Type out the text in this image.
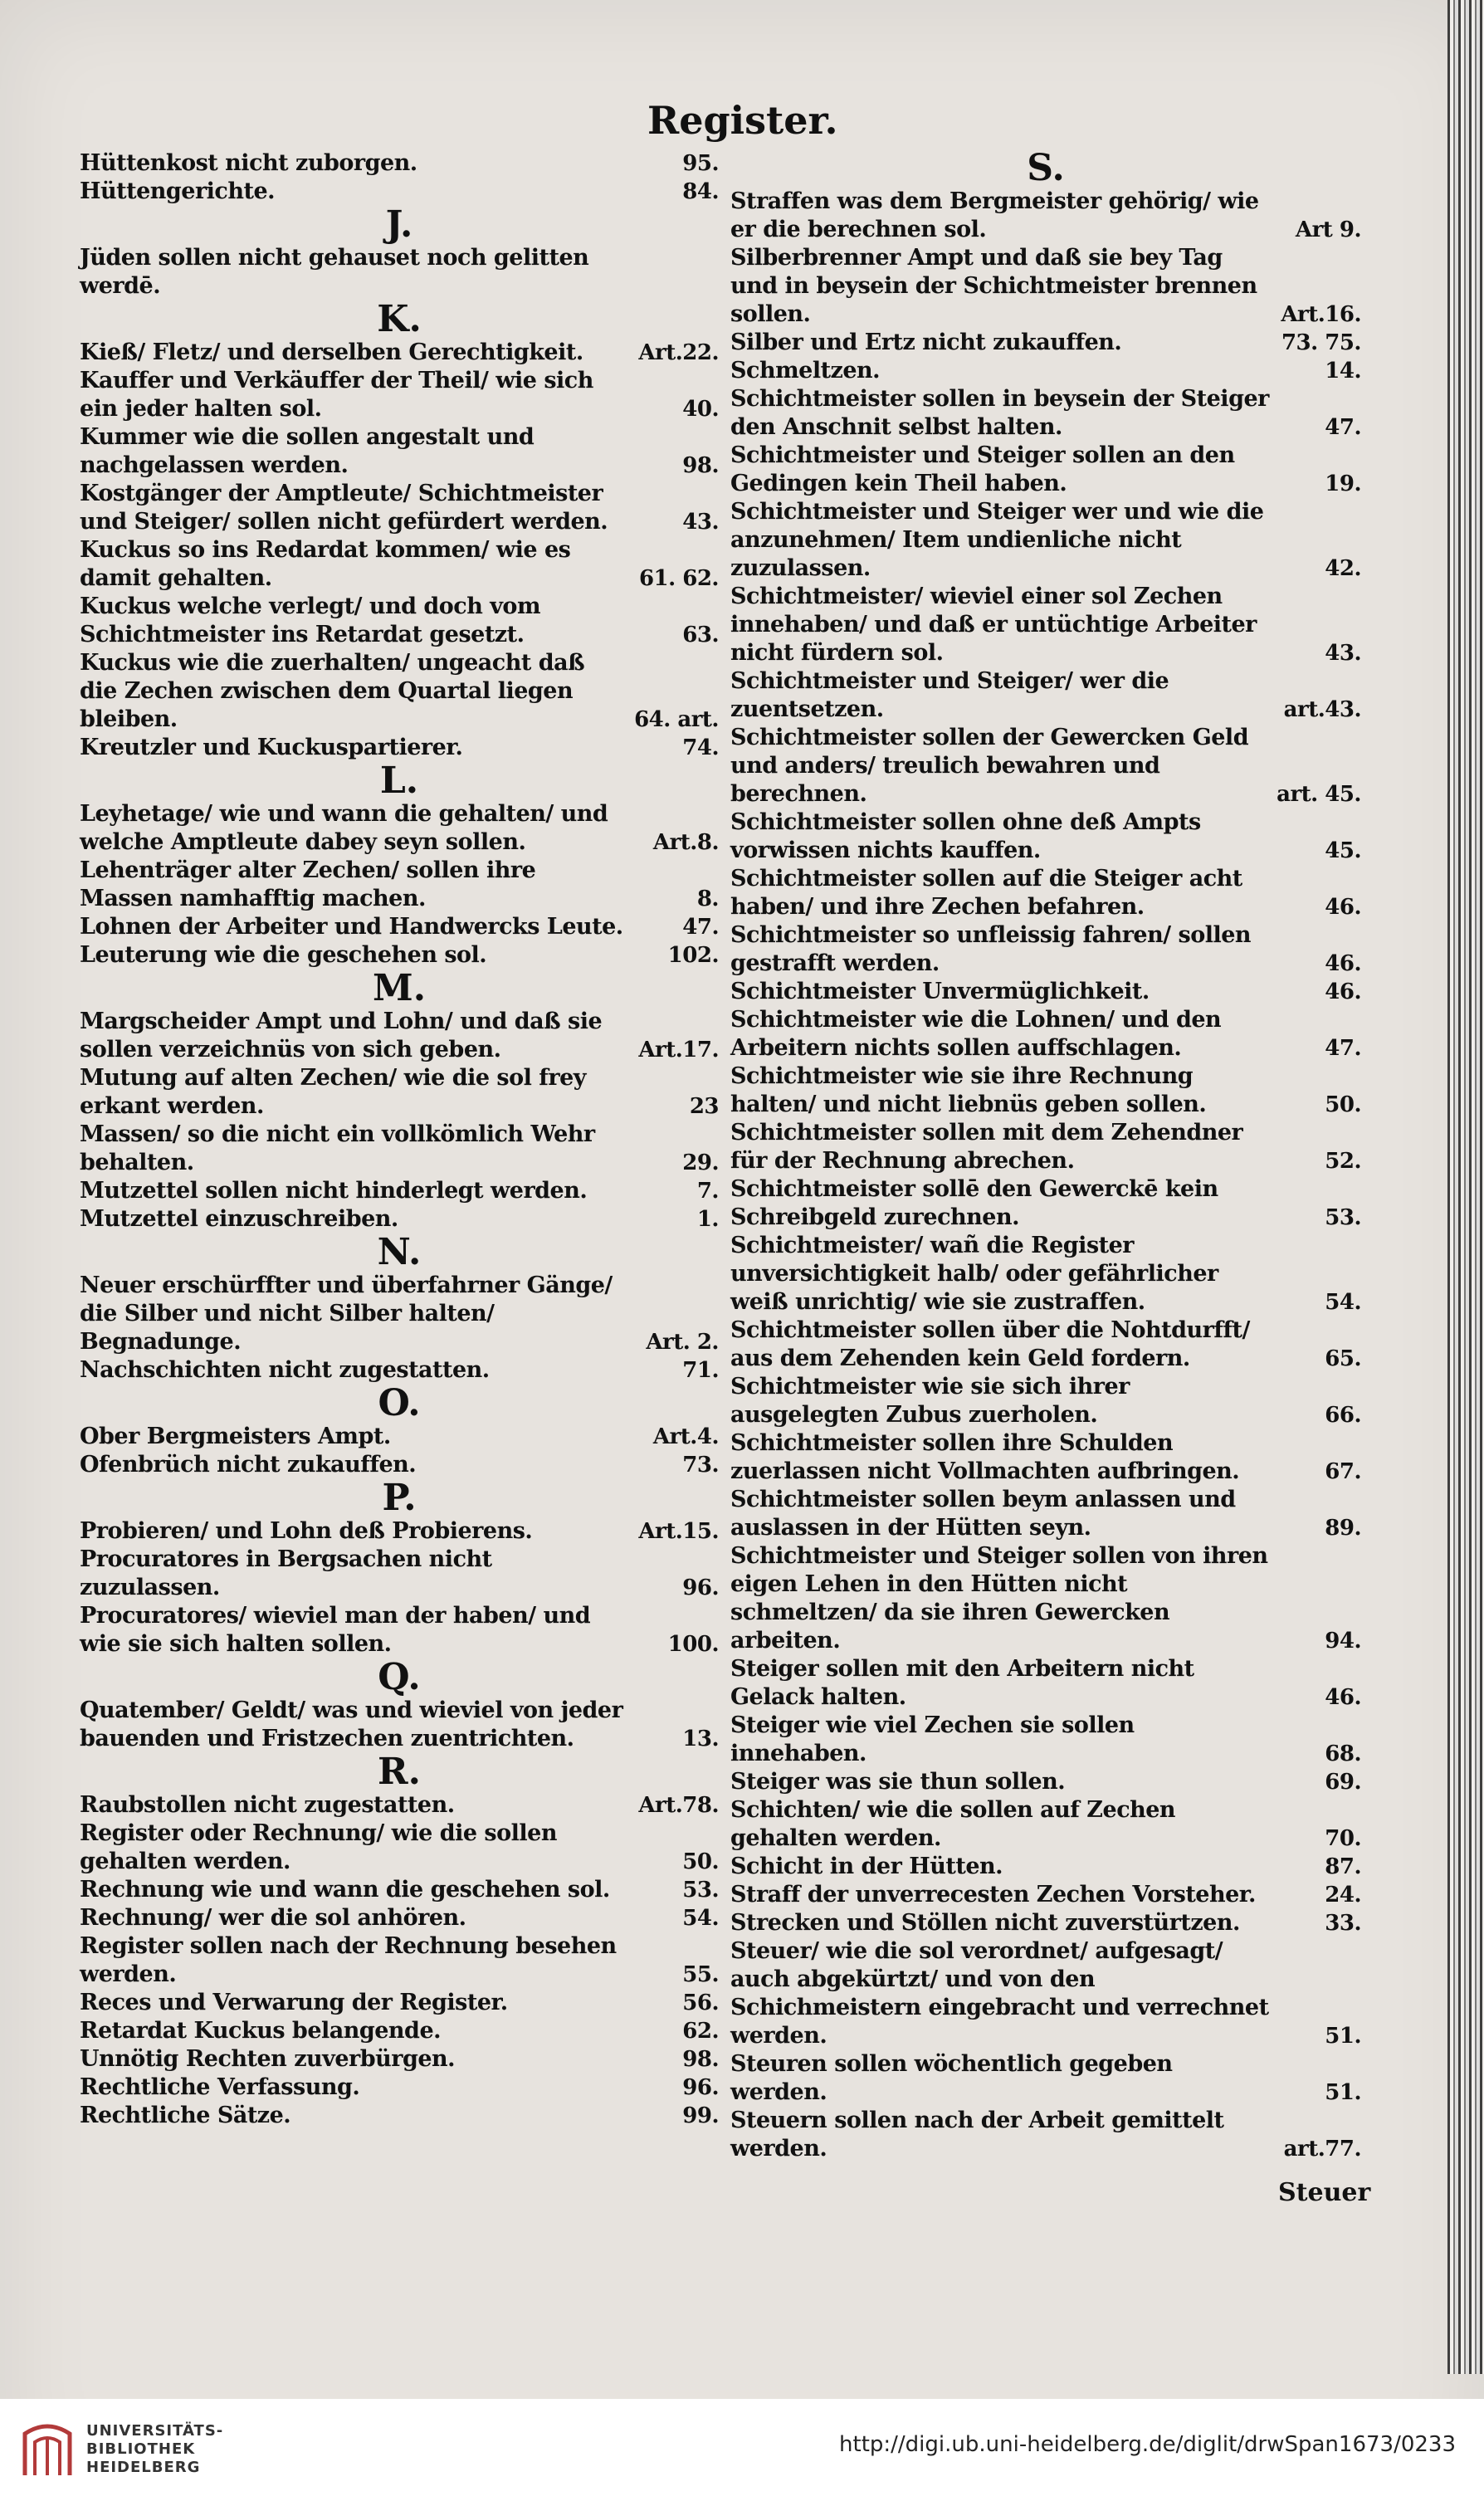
Register.
Hüttenkost nicht zuborgen.	95.
Hüttengerichte.	84.
J.
Jüden sollen nicht gehauset noch gelitten werdē.
K.
Kieß/ Fletz/ und derselben Gerechtigkeit.	Art.22.
Kauffer und Verkäuffer der Theil/ wie sich ein jeder halten sol.	40.
Kummer wie die sollen angestalt und nachgelassen werden.	98.
Kostgänger der Amptleute/ Schichtmeister und Steiger/ sollen nicht gefürdert werden.	43.
Kuckus so ins Redardat kommen/ wie es damit gehalten.	61. 62.
Kuckus welche verlegt/ und doch vom Schichtmeister ins Retardat gesetzt.	63.
Kuckus wie die zuerhalten/ ungeacht daß die Zechen zwischen dem Quartal liegen bleiben.	64. art.
Kreutzler und Kuckuspartierer.	74.
L.
Leyhetage/ wie und wann die gehalten/ und welche Amptleute dabey seyn sollen.	Art.8.
Lehenträger alter Zechen/ sollen ihre Massen namhafftig machen.	8.
Lohnen der Arbeiter und Handwercks Leute.	47.
Leuterung wie die geschehen sol.	102.
M.
Margscheider Ampt und Lohn/ und daß sie sollen verzeichnüs von sich geben.	Art.17.
Mutung auf alten Zechen/ wie die sol frey erkant werden.	23
Massen/ so die nicht ein vollkömlich Wehr behalten.	29.
Mutzettel sollen nicht hinderlegt werden.	7.
Mutzettel einzuschreiben.	1.
N.
Neuer erschürffter und überfahrner Gänge/ die Silber und nicht Silber halten/ Begnadunge.	Art. 2.
Nachschichten nicht zugestatten.	71.
O.
Ober Bergmeisters Ampt.	Art.4.
Ofenbrüch nicht zukauffen.	73.
P.
Probieren/ und Lohn deß Probierens.	Art.15.
Procuratores in Bergsachen nicht zuzulassen.	96.
Procuratores/ wieviel man der haben/ und wie sie sich halten sollen.	100.
Q.
Quatember/ Geldt/ was und wieviel von jeder bauenden und Fristzechen zuentrichten.	13.
R.
Raubstollen nicht zugestatten.	Art.78.
Register oder Rechnung/ wie die sollen gehalten werden.	50.
Rechnung wie und wann die geschehen sol.	53.
Rechnung/ wer die sol anhören.	54.
Register sollen nach der Rechnung besehen werden.	55.
Reces und Verwarung der Register.	56.
Retardat Kuckus belangende.	62.
Unnötig Rechten zuverbürgen.	98.
Rechtliche Verfassung.	96.
Rechtliche Sätze.	99.
S.
Straffen was dem Bergmeister gehörig/ wie er die berechnen sol.	Art 9.
Silberbrenner Ampt und daß sie bey Tag und in beysein der Schichtmeister brennen sollen.	Art.16.
Silber und Ertz nicht zukauffen.	73. 75.
Schmeltzen.	14.
Schichtmeister sollen in beysein der Steiger den Anschnit selbst halten.	47.
Schichtmeister und Steiger sollen an den Gedingen kein Theil haben.	19.
Schichtmeister und Steiger wer und wie die anzunehmen/ Item undienliche nicht zuzulassen.	42.
Schichtmeister/ wieviel einer sol Zechen innehaben/ und daß er untüchtige Arbeiter nicht fürdern sol.	43.
Schichtmeister und Steiger/ wer die zuentsetzen.	art.43.
Schichtmeister sollen der Gewercken Geld und anders/ treulich bewahren und berechnen.	art. 45.
Schichtmeister sollen ohne deß Ampts vorwissen nichts kauffen.	45.
Schichtmeister sollen auf die Steiger acht haben/ und ihre Zechen befahren.	46.
Schichtmeister so unfleissig fahren/ sollen gestrafft werden.	46.
Schichtmeister Unvermüglichkeit.	46.
Schichtmeister wie die Lohnen/ und den Arbeitern nichts sollen auffschlagen.	47.
Schichtmeister wie sie ihre Rechnung halten/ und nicht liebnüs geben sollen.	50.
Schichtmeister sollen mit dem Zehendner für der Rechnung abrechen.	52.
Schichtmeister sollē den Gewerckē kein Schreibgeld zurechnen.	53.
Schichtmeister/ wañ die Register unversichtigkeit halb/ oder gefährlicher weiß unrichtig/ wie sie zustraffen.	54.
Schichtmeister sollen über die Nohtdurfft/ aus dem Zehenden kein Geld fordern.	65.
Schichtmeister wie sie sich ihrer ausgelegten Zubus zuerholen.	66.
Schichtmeister sollen ihre Schulden zuerlassen nicht Vollmachten aufbringen.	67.
Schichtmeister sollen beym anlassen und auslassen in der Hütten seyn.	89.
Schichtmeister und Steiger sollen von ihren eigen Lehen in den Hütten nicht schmeltzen/ da sie ihren Gewercken arbeiten.	94.
Steiger sollen mit den Arbeitern nicht Gelack halten.	46.
Steiger wie viel Zechen sie sollen innehaben.	68.
Steiger was sie thun sollen.	69.
Schichten/ wie die sollen auf Zechen gehalten werden.	70.
Schicht in der Hütten.	87.
Straff der unverrecesten Zechen Vorsteher.	24.
Strecken und Stöllen nicht zuverstürtzen.	33.
Steuer/ wie die sol verordnet/ aufgesagt/ auch abgekürtzt/ und von den Schichmeistern eingebracht und verrechnet werden.	51.
Steuren sollen wöchentlich gegeben werden.	51.
Steuern sollen nach der Arbeit gemittelt werden.	art.77.
Steuer
UNIVERSITÄTS-
BIBLIOTHEK
HEIDELBERG
http://digi.ub.uni-heidelberg.de/diglit/drwSpan1673/0233
